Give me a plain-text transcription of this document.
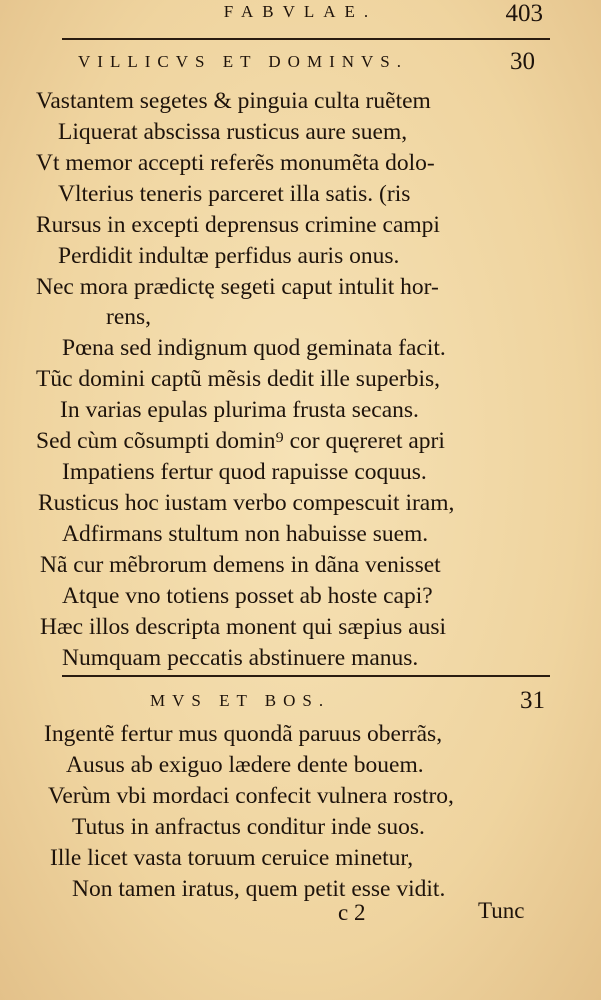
FABVLAE.	403
VILLICVS ET DOMINVS.	30
Vastantem segetes & pinguia culta ruẽtem
Liquerat abscissa rusticus aure suem,
Vt memor accepti referẽs monumẽta dolo-
Vlterius teneris parceret illa satis. (ris
Rursus in excepti deprensus crimine campi
Perdidit indultæ perfidus auris onus.
Nec mora prædictę segeti caput intulit hor-
rens,
Pœna sed indignum quod geminata facit.
Tũc domini captũ mẽsis dedit ille superbis,
In varias epulas plurima frusta secans.
Sed cùm cõsumpti domin⁹ cor quęreret apri
Impatiens fertur quod rapuisse coquus.
Rusticus hoc iustam verbo compescuit iram,
Adfirmans stultum non habuisse suem.
Nã cur mẽbrorum demens in dãna venisset
Atque vno totiens posset ab hoste capi?
Hæc illos descripta monent qui sæpius ausi
Numquam peccatis abstinuere manus.
MVS ET BOS.	31
Ingentẽ fertur mus quondã paruus oberrãs,
Ausus ab exiguo lædere dente bouem.
Verùm vbi mordaci confecit vulnera rostro,
Tutus in anfractus conditur inde suos.
Ille licet vasta toruum ceruice minetur,
Non tamen iratus, quem petit esse vidit.
c 2	Tunc
